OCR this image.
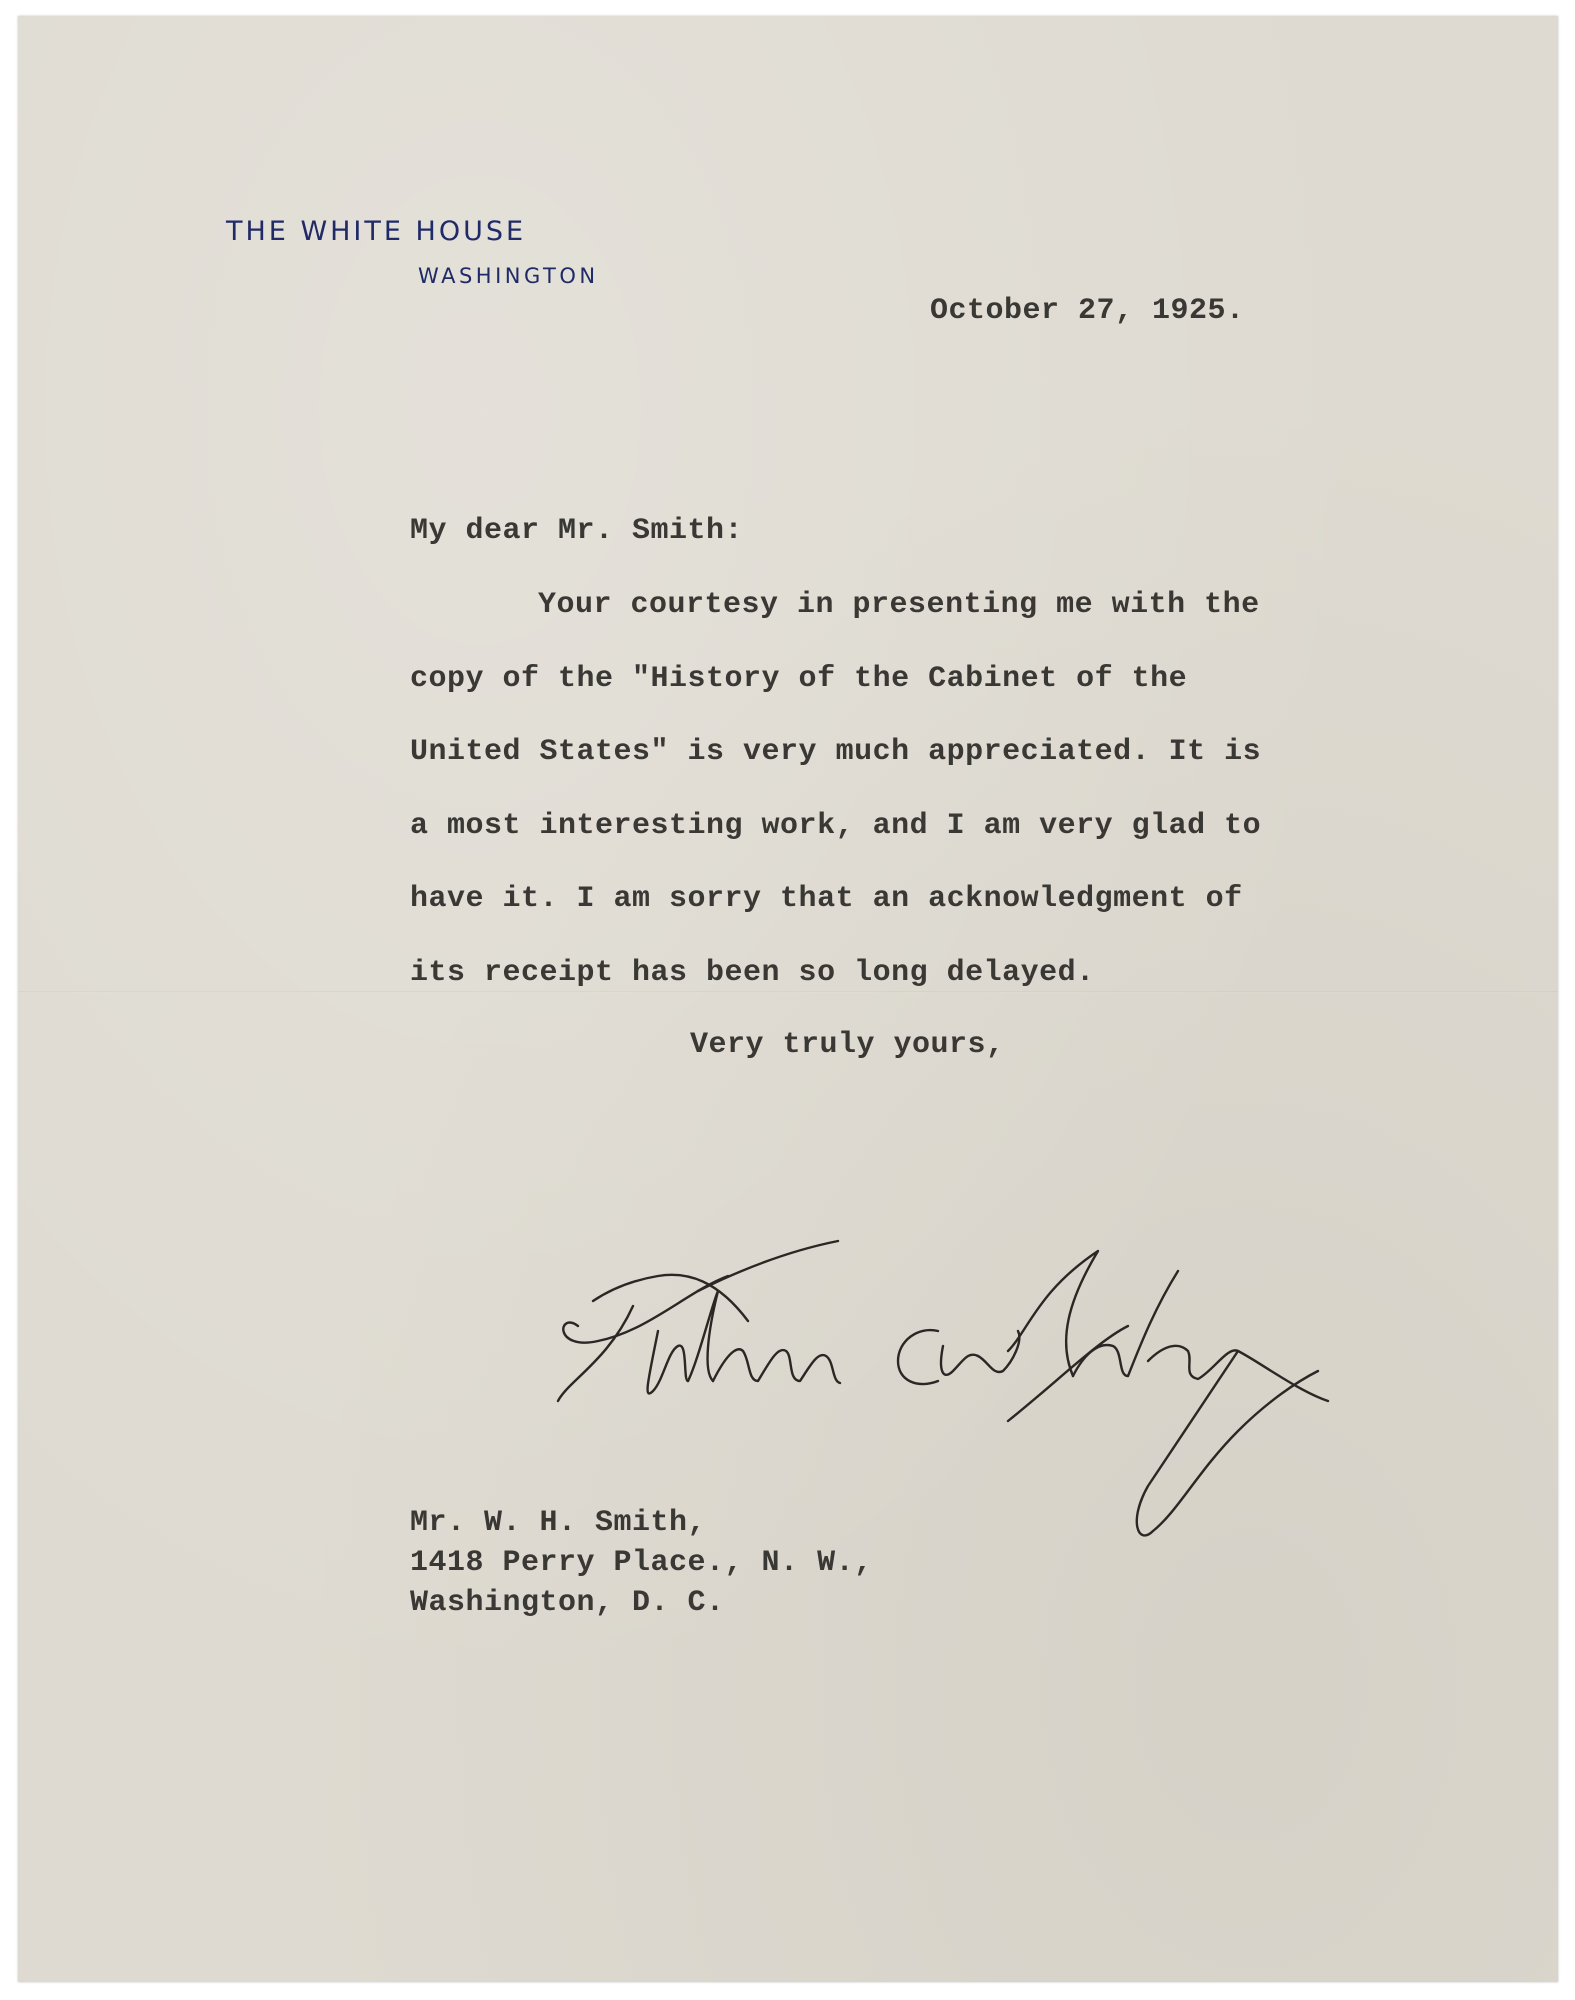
THE WHITE HOUSE
WASHINGTON
October 27, 1925.
My dear Mr. Smith:
Your courtesy in presenting me with the
copy of the "History of the Cabinet of the
United States" is very much appreciated. It is
a most interesting work, and I am very glad to
have it. I am sorry that an acknowledgment of
its receipt has been so long delayed.
Very truly yours,
Mr. W. H. Smith,
1418 Perry Place., N. W.,
Washington, D. C.
